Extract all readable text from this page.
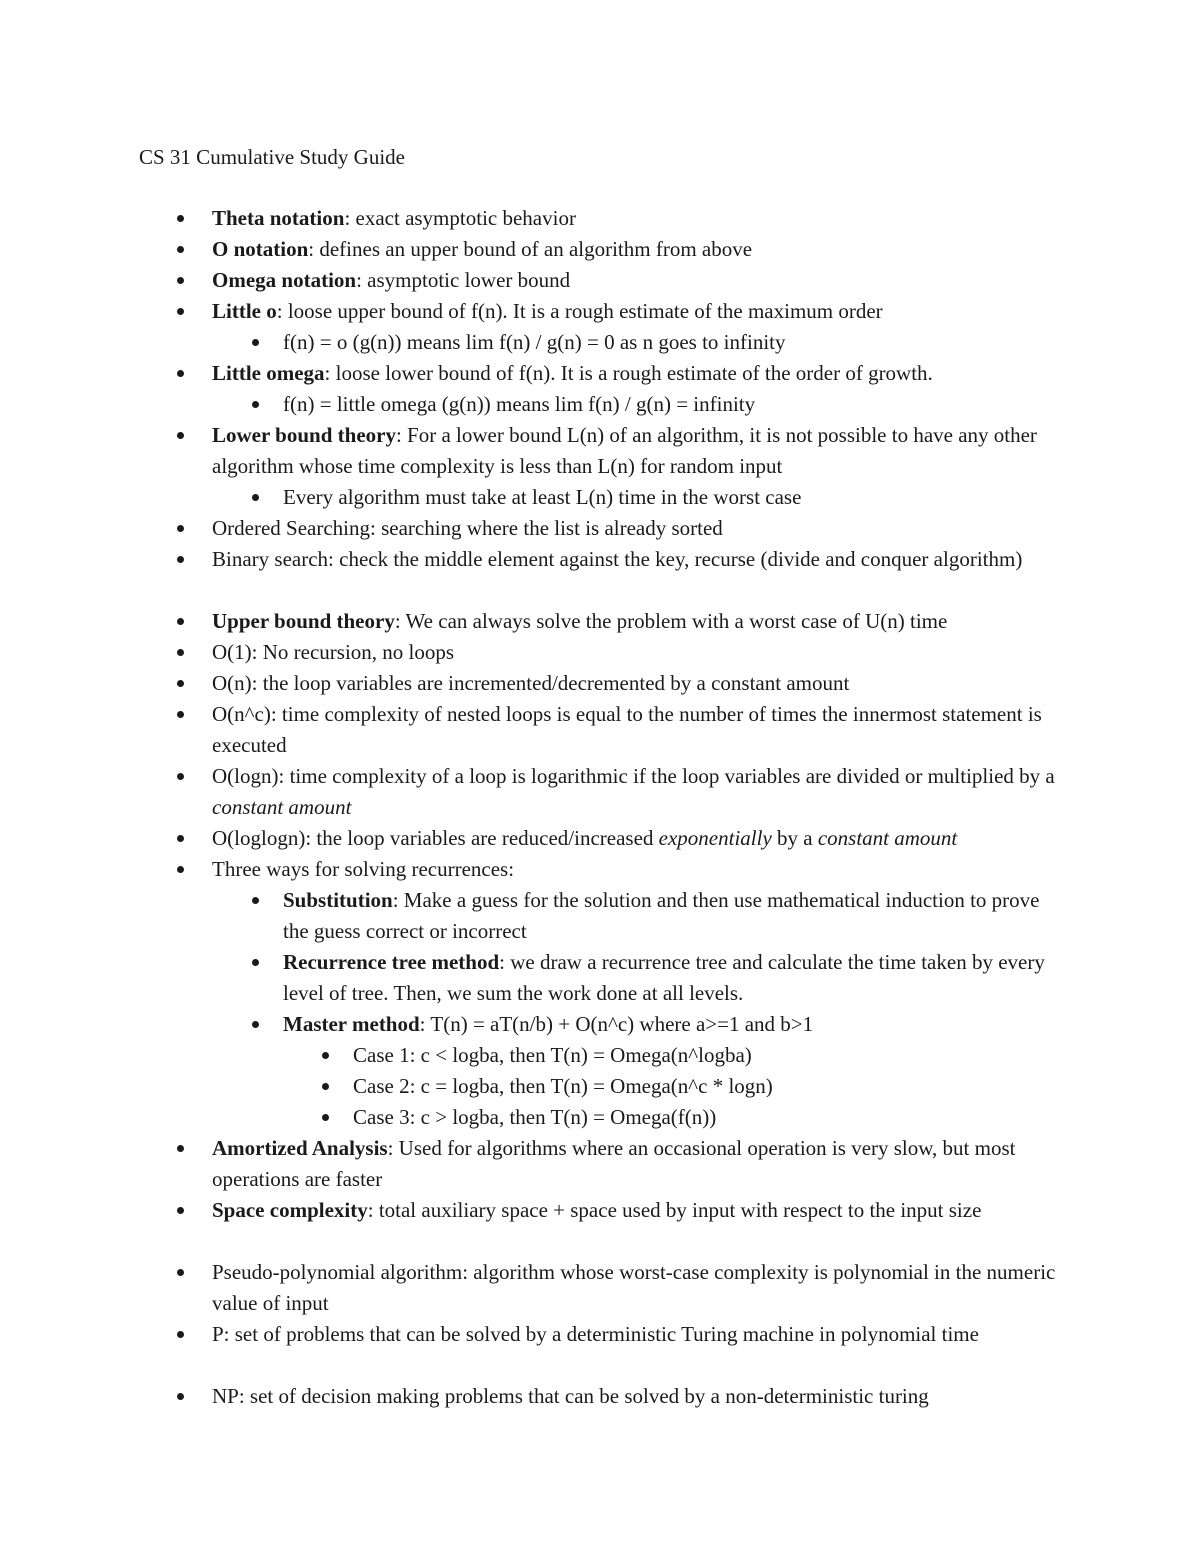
CS 31 Cumulative Study Guide
Theta notation: exact asymptotic behavior
O notation: defines an upper bound of an algorithm from above
Omega notation: asymptotic lower bound
Little o: loose upper bound of f(n). It is a rough estimate of the maximum order
f(n) = o (g(n)) means lim f(n) / g(n) = 0 as n goes to infinity
Little omega: loose lower bound of f(n). It is a rough estimate of the order of growth.
f(n) = little omega (g(n)) means lim f(n) / g(n) = infinity
Lower bound theory: For a lower bound L(n) of an algorithm, it is not possible to have any other algorithm whose time complexity is less than L(n) for random input
Every algorithm must take at least L(n) time in the worst case
Ordered Searching: searching where the list is already sorted
Binary search: check the middle element against the key, recurse (divide and conquer algorithm)
Upper bound theory: We can always solve the problem with a worst case of U(n) time
O(1): No recursion, no loops
O(n): the loop variables are incremented/decremented by a constant amount
O(n^c): time complexity of nested loops is equal to the number of times the innermost statement is executed
O(logn): time complexity of a loop is logarithmic if the loop variables are divided or multiplied by a constant amount
O(loglogn): the loop variables are reduced/increased exponentially by a constant amount
Three ways for solving recurrences:
Substitution: Make a guess for the solution and then use mathematical induction to prove the guess correct or incorrect
Recurrence tree method: we draw a recurrence tree and calculate the time taken by every level of tree. Then, we sum the work done at all levels.
Master method: T(n) = aT(n/b) + O(n^c) where a>=1 and b>1
Case 1: c < logba, then T(n) = Omega(n^logba)
Case 2: c = logba, then T(n) = Omega(n^c * logn)
Case 3: c > logba, then T(n) = Omega(f(n))
Amortized Analysis: Used for algorithms where an occasional operation is very slow, but most operations are faster
Space complexity: total auxiliary space + space used by input with respect to the input size
Pseudo-polynomial algorithm: algorithm whose worst-case complexity is polynomial in the numeric value of input
P: set of problems that can be solved by a deterministic Turing machine in polynomial time
NP: set of decision making problems that can be solved by a non-deterministic turing
